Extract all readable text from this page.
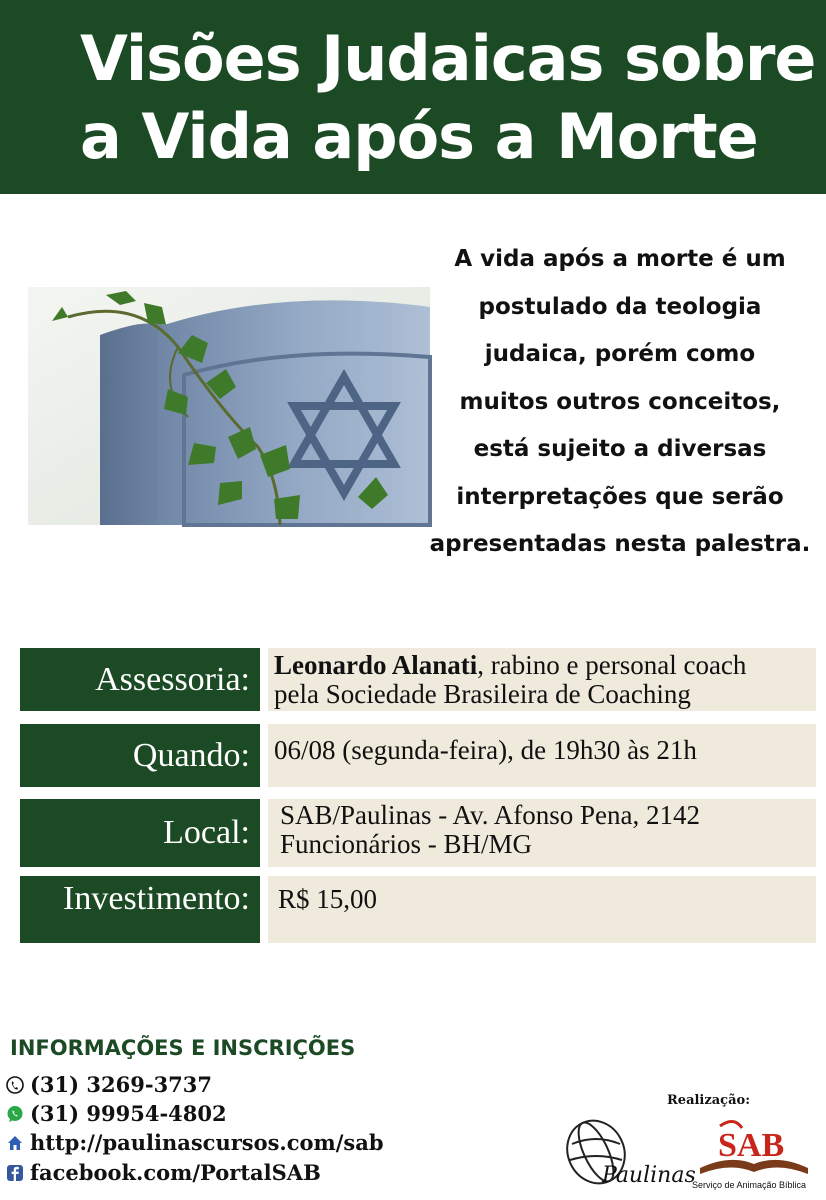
Visões Judaicas sobre
a Vida após a Morte
A vida após a morte é um
postulado da teologia
judaica, porém como
muitos outros conceitos,
está sujeito a diversas
interpretações que serão
apresentadas nesta palestra.
Assessoria: Leonardo Alanati, rabino e personal coach
pela Sociedade Brasileira de Coaching
Quando: 06/08 (segunda-feira), de 19h30 às 21h
Local:	SAB/Paulinas - Av. Afonso Pena, 2142
Funcionários - BH/MG
Investimento:	R$ 15,00
INFORMAÇÕES E INSCRIÇÕES
(31) 3269-3737
(31) 99954-4802
http://paulinascursos.com/sab
facebook.com/PortalSAB
Realização:
Paulinas
SAB
Serviço de Animação Bíblica
